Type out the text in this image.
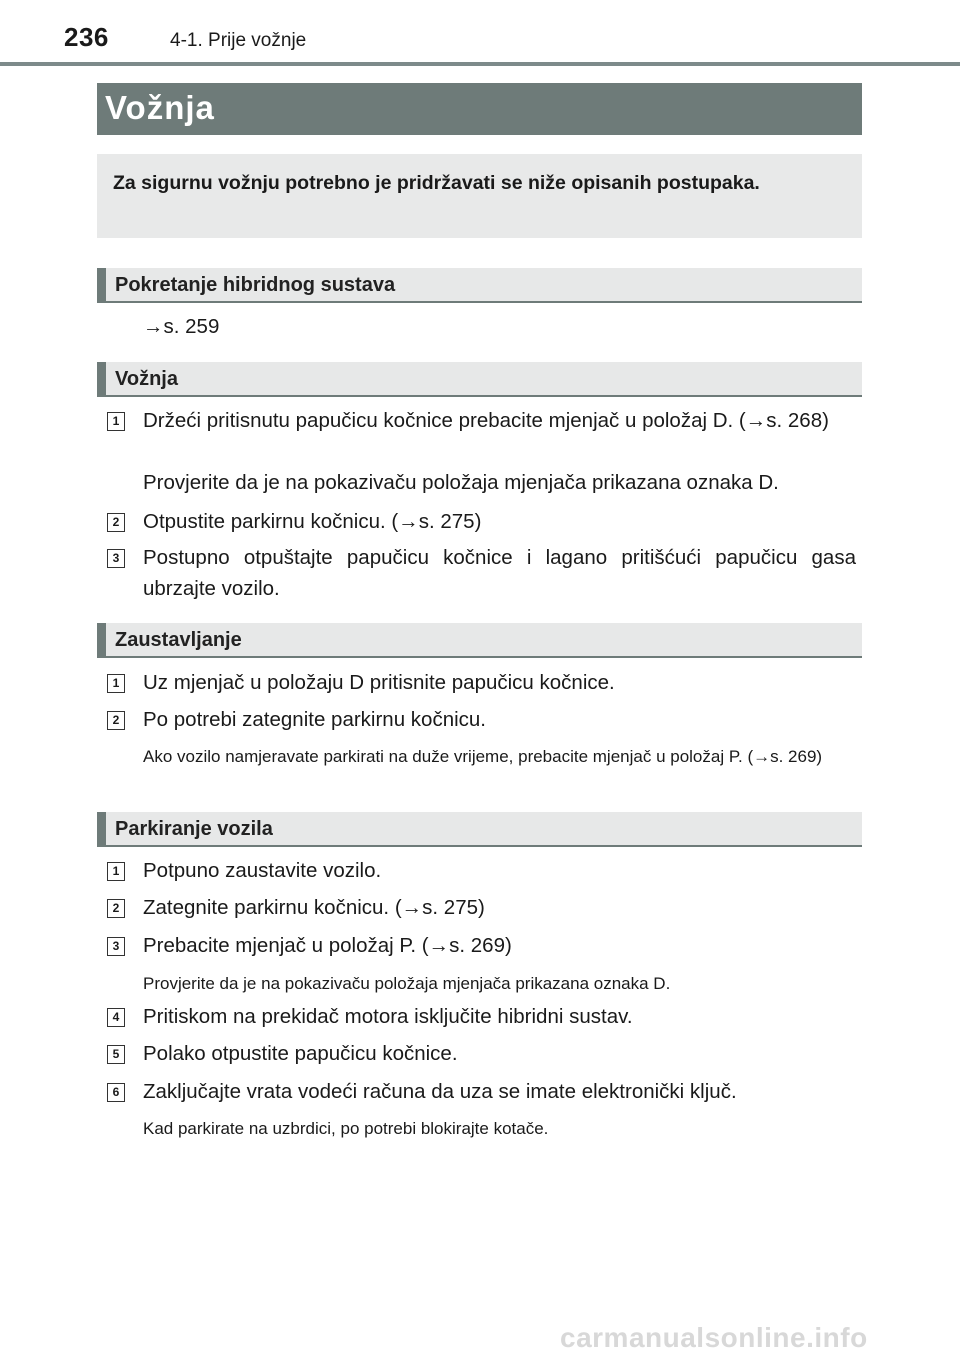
236	4-1. Prije vožnje
Vožnja

Za sigurnu vožnju potrebno je pridržavati se niže opisanih postupaka.

Pokretanje hibridnog sustava

→s. 259

Vožnja
1 Držeći pritisnutu papučicu kočnice prebacite mjenjač u položaj D. (→s. 268)

Provjerite da je na pokazivaču položaja mjenjača prikazana oznaka D.

2 Otpustite parkirnu kočnicu. (→s. 275)

3 Postupno otpuštajte papučicu kočnice i lagano pritišćući papučicu gasa ubrzajte vozilo.

Zaustavljanje
1 Uz mjenjač u položaju D pritisnite papučicu kočnice.

2 Po potrebi zategnite parkirnu kočnicu.

Ako vozilo namjeravate parkirati na duže vrijeme, prebacite mjenjač u položaj P. (→s. 269)

Parkiranje vozila
1 Potpuno zaustavite vozilo.

2 Zategnite parkirnu kočnicu. (→s. 275)

3 Prebacite mjenjač u položaj P. (→s. 269)

Provjerite da je na pokazivaču položaja mjenjača prikazana oznaka D.

4 Pritiskom na prekidač motora isključite hibridni sustav.

5 Polako otpustite papučicu kočnice.

6 Zaključajte vrata vodeći računa da uza se imate elektronički ključ.

Kad parkirate na uzbrdici, po potrebi blokirajte kotače.

carmanualsonline.info
